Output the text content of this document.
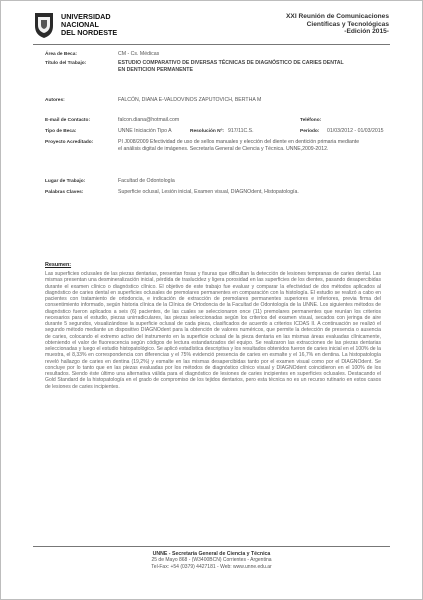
UNIVERSIDAD
NACIONAL
DEL NORDESTE
XXI Reunión de Comunicaciones
Científicas y Tecnológicas
-Edición 2015-
Área de Beca:	CM - Cs. Médicas
Título del Trabajo:	ESTUDIO COMPARATIVO DE DIVERSAS TÉCNICAS DE DIAGNÓSTICO DE CARIES DENTAL
EN DENTICION PERMANENTE
Autores:	FALCÓN, DIANA E-VALDOVINOS ZAPUTOVICH, BERTHA M
E-mail de Contacto:	falcon.diana@hotmail.com	Teléfono:
Tipo de Beca:	UNNE Iniciación Tipo A	Resolución Nº: 917/11C.S.	Período: 01/03/2012 - 01/03/2015
Proyecto Acreditado:	PI J008/2009 Efectividad de uso de sellos manuales y elección del diente en dentición primaria mediante
el análisis digital de imágenes. Secretaría General de Ciencia y Técnica. UNNE,2009-2012.
Lugar de Trabajo:	Facultad de Odontología
Palabras Claves:	Superficie oclusal, Lesión inicial, Examen visual, DIAGNOdent, Histopatología.
Resumen:
Las superficies oclusales de las piezas dentarias, presentan fosas y fisuras que dificultan la detección de lesiones tempranas de caries dental. Las mismas presentan una desmineralización inicial, pérdida de traslucidez y ligera porosidad en las superficies de los dientes, pasando desapercibidas durante el examen clínico o diagnóstico clínico. El objetivo de este trabajo fue evaluar y comparar la efectividad de dos métodos aplicados al diagnóstico de caries dental en superficies oclusales de premolares permanentes en comparación con la histología. El estudio se realizó a cabo en pacientes con tratamiento de ortodoncia, e indicación de extracción de premolares permanentes superiores e inferiores, previa firma del consentimiento informado, según historia clínica de la Clínica de Ortodoncia de la Facultad de Odontología de la UNNE. Los siguientes métodos de diagnóstico fueron aplicados a seis (6) pacientes, de las cuales se seleccionaron once (11) premolares permanentes que reunían los criterios necesarios para el estudio, piezas unirradiculares, las piezas seleccionadas según los criterios del examen visual, secados con jeringa de aire durante 5 segundos, visualizándose la superficie oclusal de cada pieza, clasificados de acuerdo a criterios ICDAS II. A continuación se realizó el segundo método mediante un dispositivo DIAGNOdent para la obtención de valores numéricos, que permite la detección de presencia o ausencia de caries, colocando el extremo activo del instrumento en la superficie oclusal de la pieza dentaria en las mismas áreas evaluadas clínicamente, obteniendo el valor de fluorescencia según códigos de lectura estandarizados del equipo. Se realizaron las extracciones de las piezas dentarias seleccionadas y luego el estudio histopatológico. Se aplicó estadística descriptiva y los resultados obtenidos fueron de caries inicial en el 100% de la muestra, el 8,33% en correspondencia con diferencias y el 75% evidenció presencia de caries en esmalte y el 16,7% en dentina. La histopatología reveló hallazgo de caries en dentina (19,2%) y esmalte en las mismas desapercibidas tanto por el examen visual como por el DIAGNOdent. Se concluye por lo tanto que en las piezas evaluadas por los métodos de diagnóstico clínico visual y DIAGNOdent coincidieron en el 100% de los resultados. Siendo éste último una alternativa válida para el diagnóstico de lesiones de caries incipientes en superficies oclusales. Destacando el Gold Standard de la histopatología en el grado de compromiso de los tejidos dentarios, pero esta técnica no es un recurso rutinario en estos casos de lesiones de caries incipientes.
UNNE - Secretaría General de Ciencia y Técnica
25 de Mayo 868 - (W3400BCN) Corrientes - Argentina
Tel-Fax: +54 (0379) 4427181 - Web: www.unne.edu.ar
